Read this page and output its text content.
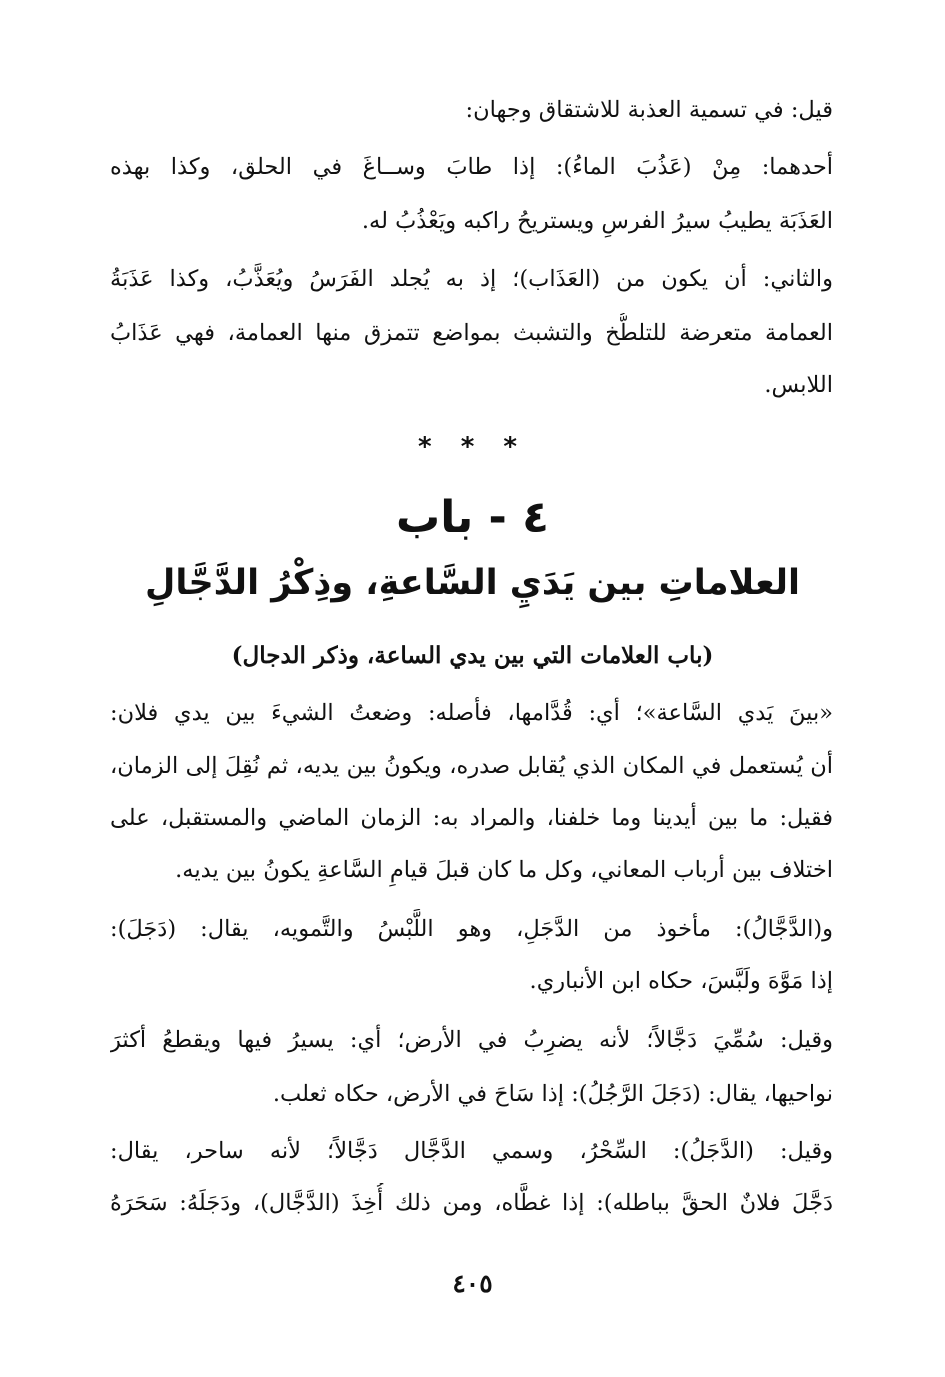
قيل: في تسمية العذبة للاشتقاق وجهان:
أحدهما: مِنْ (عَذُبَ الماءُ): إذا طابَ وســاغَ في الحلق، وكذا بهذه
العَذَبَة يطيبُ سيرُ الفرسِ ويستريحُ راكبه ويَعْذُبُ له.
والثاني: أن يكون من (العَذَاب)؛ إذ به يُجلد الفَرَسُ ويُعَذَّبُ، وكذا عَذَبَةُ
العمامة متعرضة للتلطُّخ والتشبث بمواضع تتمزق منها العمامة، فهي عَذَابُ
اللابس.
* * *
٤ - باب
العلاماتِ بين يَدَيِ السَّاعةِ، وذِكْرُ الدَّجَّالِ
(باب العلامات التي بين يدي الساعة، وذكر الدجال)
«بينَ يَدي السَّاعة»؛ أي: قُدَّامها، فأصله: وضعتُ الشيءَ بين يدي فلان:
أن يُستعمل في المكان الذي يُقابل صدره، ويكونُ بين يديه، ثم نُقِلَ إلى الزمان،
فقيل: ما بين أيدينا وما خلفنا، والمراد به: الزمان الماضي والمستقبل، على
اختلاف بين أرباب المعاني، وكل ما كان قبلَ قيامِ السَّاعةِ يكونُ بين يديه.
و(الدَّجَّالُ): مأخوذ من الدَّجَلِ، وهو اللَّبْسُ والتَّمويه، يقال: (دَجَلَ):
إذا مَوَّهَ ولَبَّسَ، حكاه ابن الأنباري.
وقيل: سُمِّيَ دَجَّالاً؛ لأنه يضرِبُ في الأرض؛ أي: يسيرُ فيها ويقطعُ أكثرَ
نواحيها، يقال: (دَجَلَ الرَّجُلُ): إذا سَاحَ في الأرض، حكاه ثعلب.
وقيل: (الدَّجَلُ): السِّحْرُ، وسمي الدَّجَّال دَجَّالاً؛ لأنه ساحر، يقال:
دَجَّلَ فلانٌ الحقَّ بباطله): إذا غطَّاه، ومن ذلك أُخِذَ (الدَّجَّال)، ودَجَلَهُ: سَحَرَهُ
٤٠٥
